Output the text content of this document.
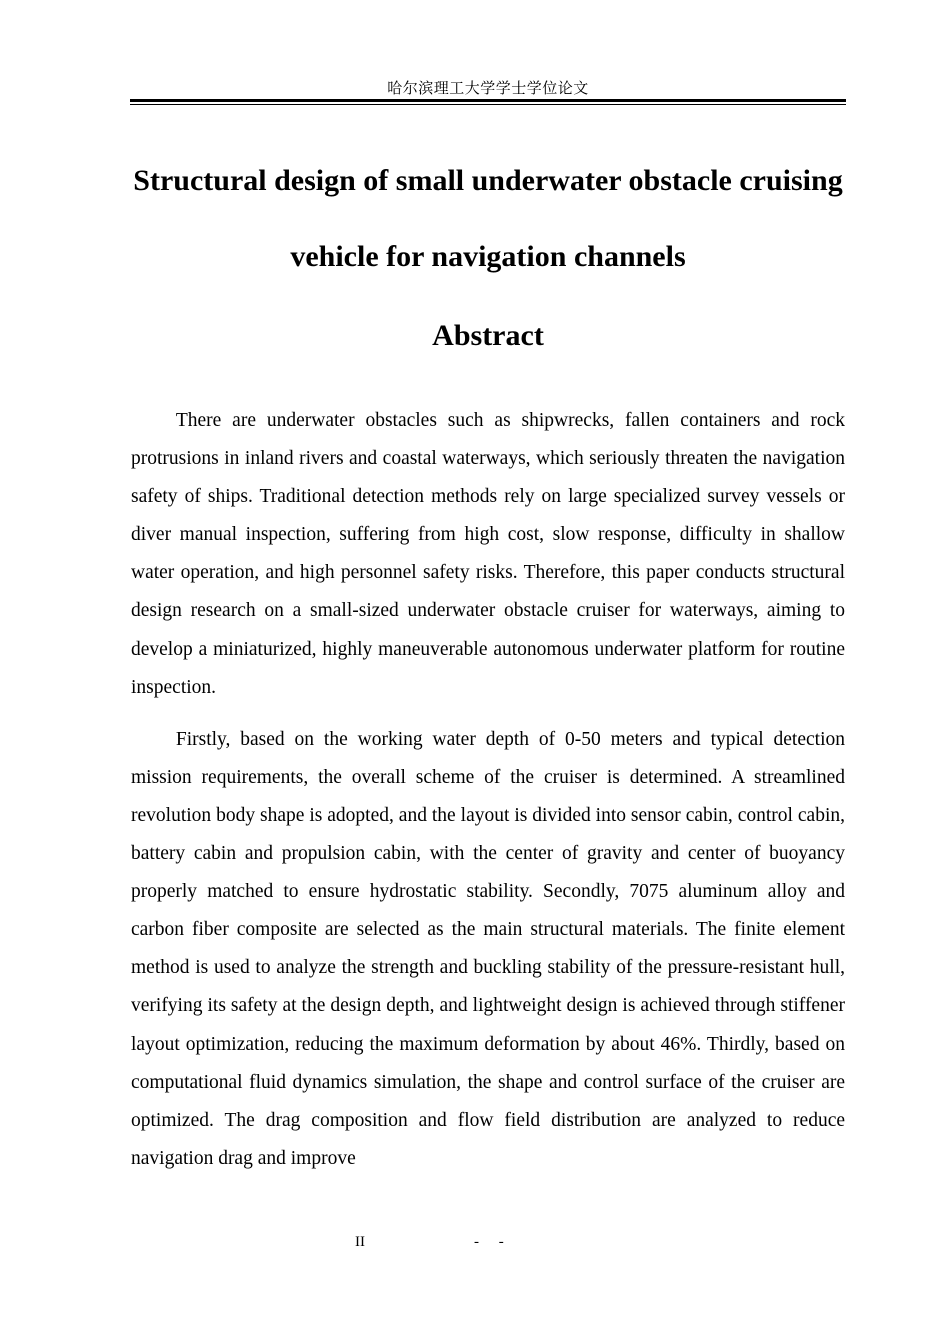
哈尔滨理工大学学士学位论文
Structural design of small underwater obstacle cruising vehicle for navigation channels
Abstract

There are underwater obstacles such as shipwrecks, fallen containers and rock protrusions in inland rivers and coastal waterways, which seriously threaten the navigation safety of ships. Traditional detection methods rely on large specialized survey vessels or diver manual inspection, suffering from high cost, slow response, difficulty in shallow water operation, and high personnel safety risks. Therefore, this paper conducts structural design research on a small-sized underwater obstacle cruiser for waterways, aiming to develop a miniaturized, highly maneuverable autonomous underwater platform for routine inspection.

Firstly, based on the working water depth of 0-50 meters and typical detection mission requirements, the overall scheme of the cruiser is determined. A streamlined revolution body shape is adopted, and the layout is divided into sensor cabin, control cabin, battery cabin and propulsion cabin, with the center of gravity and center of buoyancy properly matched to ensure hydrostatic stability. Secondly, 7075 aluminum alloy and carbon fiber composite are selected as the main structural materials. The finite element method is used to analyze the strength and buckling stability of the pressure-resistant hull, verifying its safety at the design depth, and lightweight design is achieved through stiffener layout optimization, reducing the maximum deformation by about 46%. Thirdly, based on computational fluid dynamics simulation, the shape and control surface of the cruiser are optimized. The drag composition and flow field distribution are analyzed to reduce navigation drag and improve

II	- -
